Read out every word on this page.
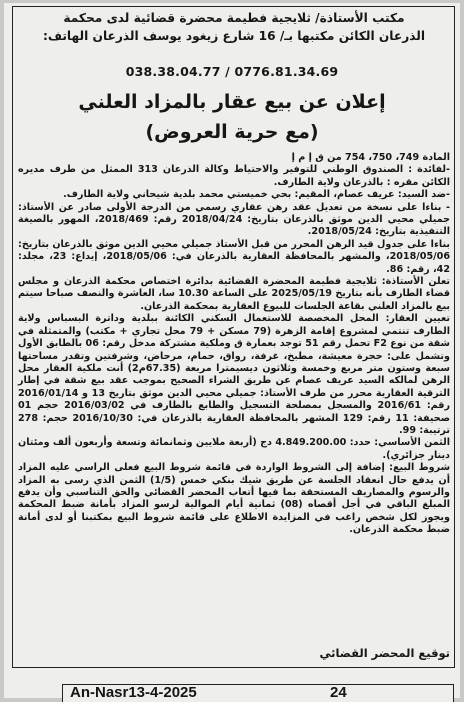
مكتب الأستاذة/ ثلايجية فطيمة محضرة قضائية لدى محكمة
الذرعان الكائن مكتبها بـ/ 16 شارع زيغود يوسف الذرعان الهاتف:
038.38.04.77 / 0776.81.34.69
إعلان عن بيع عقار بالمزاد العلني
(مع حرية العروض)

المادة 749، 750، 754 من ق إ م إ

-لفائدة : الصندوق الوطني للتوفير والاحتياط وكالة الذرعان 313 الممثل من طرف مديره الكائن مقره : بالذرعان ولاية الطارف.

-ضد السيد: عريف عصام، المقيم: بحي خميستي محمد بلدية شيحاني ولاية الطارف.

- بناءا على نسخة من تعديل عقد رهن عقاري رسمي من الدرجة الأولى صادر عن الأستاذ: جميلي محيي الدين موثق بالذرعان بتاريخ: 2018/04/24 رقم: 2018/469، المهور بالصيغة التنفيذية بتاريخ: 2018/05/24.

بناءا على جدول قيد الرهن المحرر من قبل الأستاذ جميلي محيي الدين موثق بالذرعان بتاريخ: 2018/05/06، والمشهر بالمحافظة العقارية بالذرعان في: 2018/05/06، إيداع: 23، مجلد: 42، رقم: 86.

تعلن الأستاذة: ثلايجية فطيمة المحضرة القضائية بدائرة اختصاص محكمة الذرعان و مجلس قضاء الطارف بأنه بتاريخ 2025/05/19 على الساعة 10.30 سا، العاشرة والنصف صباحا سيتم بيع بالمزاد العلني بقاعة الجلسات للبيوع العقارية بمحكمة الذرعان.

تعيين العقار: المحل المخصصة للاستعمال السكني الكائنة ببلدية وداترة البسباس ولاية الطارف تنتمي لمشروع إقامة الزهرة (79 مسكن + 79 محل تجاري + مكتب) والمتمثلة في شقة من نوع F2 تحمل رقم 51 توجد بعمارة ق وملكية مشتركة مدخل رقم: 06 بالطابق الأول وتشمل على: حجرة معيشة، مطبخ، غرفة، رواق، حمام، مرحاض، وشرفتين وتقدر مساحتها سبعة وستون متر مربع وخمسة وثلاثون ديسيمترا مربعة (67.35م2) أنت ملكية العقار محل الرهن لمالكه السيد عريف عصام عن طريق الشراء الصحيح بموجب عقد بيع شقة في إطار الترقية العقارية محرر من طرف الأستاذ: جميلي محيي الدين موثق بتاريخ 13 و 2016/01/14 رقم: 2016/61 والمسجل بمصلحة التسجيل والطابع بالطارف في 2016/03/02 حجم 01 صحيفة: 11 رقم: 129 المشهر بالمحافظة العقارية بالذرعان في: 2016/10/30 حجم: 278 ترتيبة: 99.

الثمن الأساسي: حدد: 4.849.200.00 دج (أربعة ملايين وثمانمائة وتسعة وأربعون ألف ومئتان دينار جزائري).

شروط البيع: إضافة إلى الشروط الواردة في قائمة شروط البيع فعلى الراسي عليه المزاد أن يدفع حال انعقاد الجلسة عن طريق شيك بنكي خمس (1/5) الثمن الذي رسى به المزاد والرسوم والمصاريف المستحقة بما فيها أتعاب المحضر القضائي والحق التناسبي وأن يدفع المبلغ الباقي في أجل أقصاه (08) ثمانية أيام الموالية لرسو المزاد بأمانة ضبط المحكمة ويجوز لكل شخص راغب في المزايدة الاطلاع على قائمة شروط البيع بمكتبنا أو لدى أمانة ضبط محكمة الذرعان.

توقيع المحضر القضائي
An-Nasr13-4-2025	24
